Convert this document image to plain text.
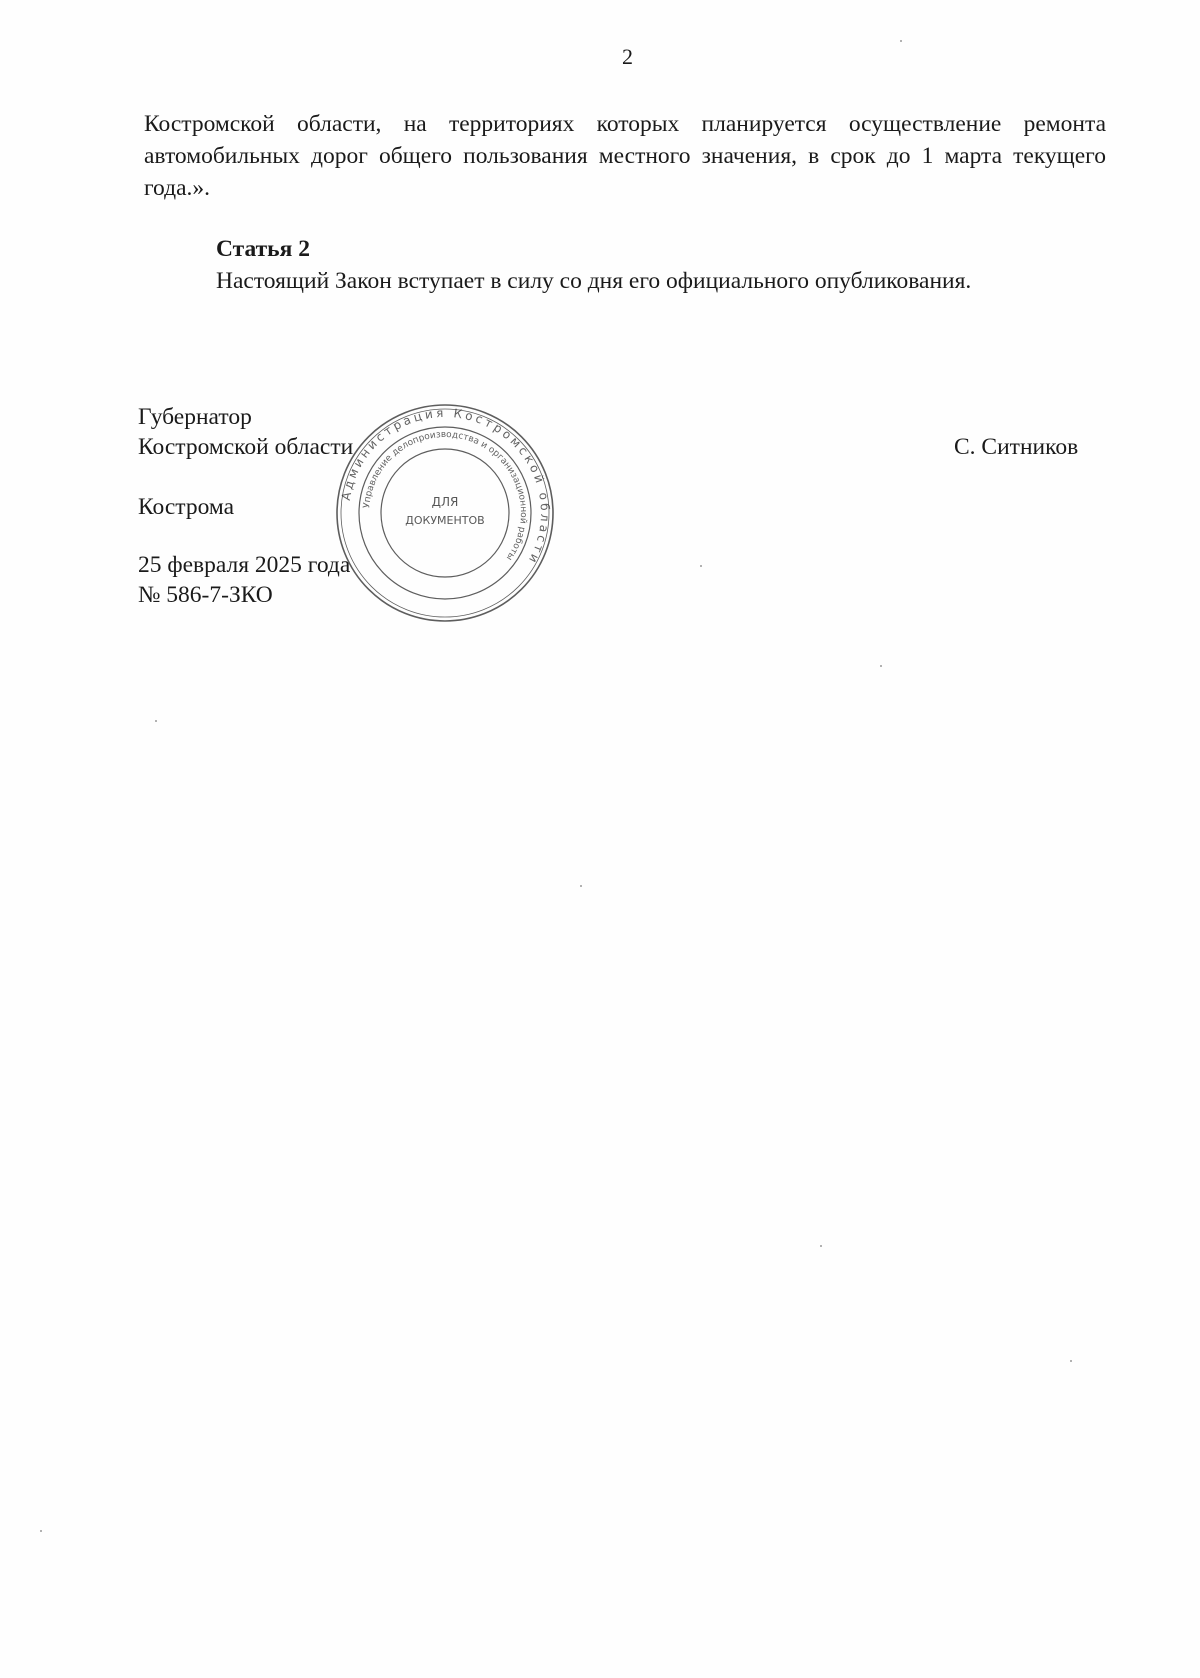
2
Костромской области, на территориях которых планируется осуществление ремонта автомобильных дорог общего пользования местного значения, в срок до 1 марта текущего года.».
Статья 2
Настоящий Закон вступает в силу со дня его официального опубликования.
Губернатор
Костромской области	С. Ситников
Кострома
25 февраля 2025 года
№ 586-7-ЗКО
Администрация Костромской области
Управление делопроизводства и организационной работы
ДЛЯ
ДОКУМЕНТОВ
